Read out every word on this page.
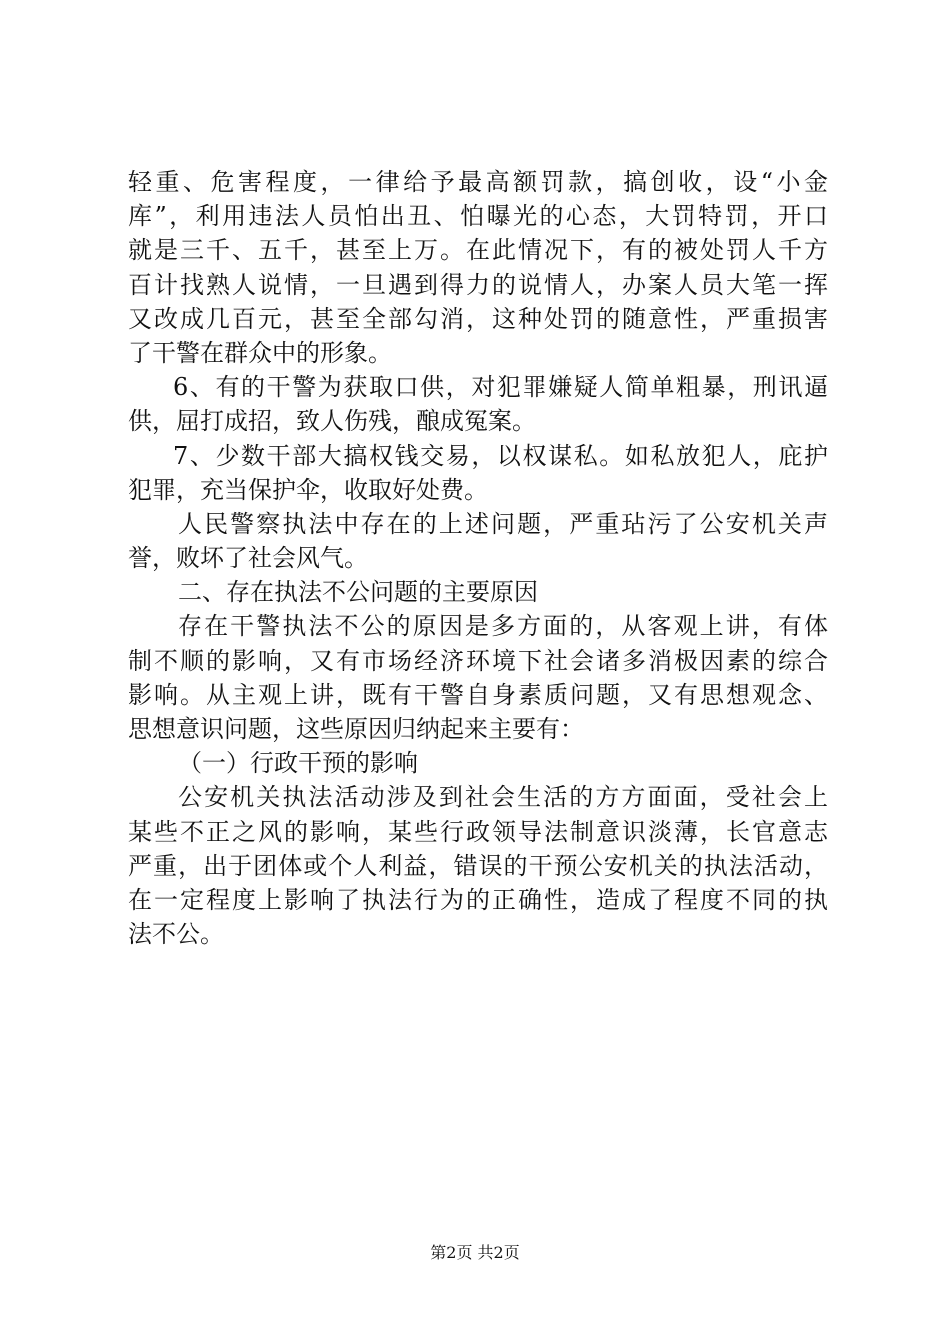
轻重、危害程度，一律给予最高额罚款，搞创收，设“小金
库”，利用违法人员怕出丑、怕曝光的心态，大罚特罚，开口
就是三千、五千，甚至上万。在此情况下，有的被处罚人千方
百计找熟人说情，一旦遇到得力的说情人，办案人员大笔一挥
又改成几百元，甚至全部勾消，这种处罚的随意性，严重损害
了干警在群众中的形象。
6、有的干警为获取口供，对犯罪嫌疑人简单粗暴，刑讯逼
供，屈打成招，致人伤残，酿成冤案。
7、少数干部大搞权钱交易，以权谋私。如私放犯人，庇护
犯罪，充当保护伞，收取好处费。
人民警察执法中存在的上述问题，严重玷污了公安机关声
誉，败坏了社会风气。
二、存在执法不公问题的主要原因
存在干警执法不公的原因是多方面的，从客观上讲，有体
制不顺的影响，又有市场经济环境下社会诸多消极因素的综合
影响。从主观上讲，既有干警自身素质问题，又有思想观念、
思想意识问题，这些原因归纳起来主要有：
（一）行政干预的影响
公安机关执法活动涉及到社会生活的方方面面，受社会上
某些不正之风的影响，某些行政领导法制意识淡薄，长官意志
严重，出于团体或个人利益，错误的干预公安机关的执法活动，
在一定程度上影响了执法行为的正确性，造成了程度不同的执
法不公。
第2页 共2页
